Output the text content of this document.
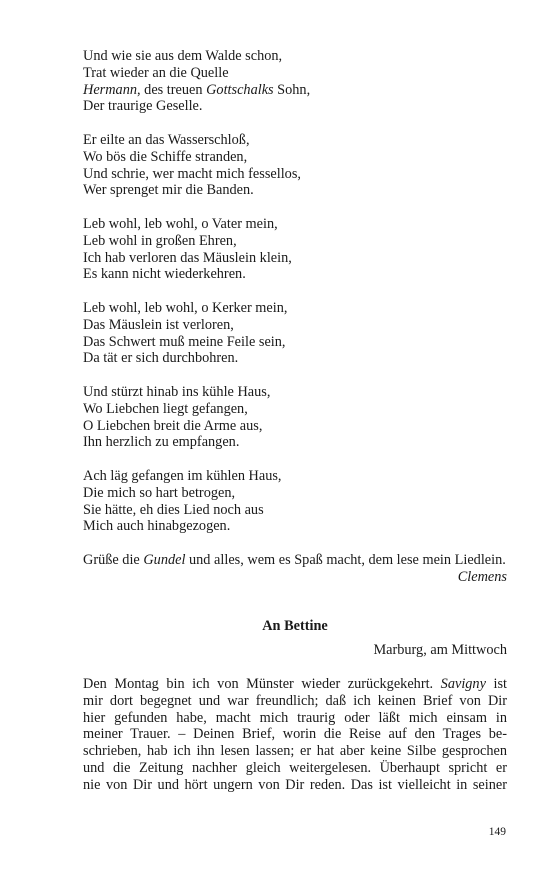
Und wie sie aus dem Walde schon,
Trat wieder an die Quelle
Hermann, des treuen Gottschalks Sohn,
Der traurige Geselle.
Er eilte an das Wasserschloß,
Wo bös die Schiffe stranden,
Und schrie, wer macht mich fessellos,
Wer sprenget mir die Banden.
Leb wohl, leb wohl, o Vater mein,
Leb wohl in großen Ehren,
Ich hab verloren das Mäuslein klein,
Es kann nicht wiederkehren.
Leb wohl, leb wohl, o Kerker mein,
Das Mäuslein ist verloren,
Das Schwert muß meine Feile sein,
Da tät er sich durchbohren.
Und stürzt hinab ins kühle Haus,
Wo Liebchen liegt gefangen,
O Liebchen breit die Arme aus,
Ihn herzlich zu empfangen.
Ach läg gefangen im kühlen Haus,
Die mich so hart betrogen,
Sie hätte, eh dies Lied noch aus
Mich auch hinabgezogen.

Grüße die Gundel und alles, wem es Spaß macht, dem lese mein Liedlein.

Clemens

An Bettine
Marburg, am Mittwoch
Den Montag bin ich von Münster wieder zurückgekehrt. Savigny ist
mir dort begegnet und war freundlich; daß ich keinen Brief von Dir
hier gefunden habe, macht mich traurig oder läßt mich einsam in
meiner Trauer. – Deinen Brief, worin die Reise auf den Trages be-
schrieben, hab ich ihn lesen lassen; er hat aber keine Silbe gesprochen
und die Zeitung nachher gleich weitergelesen. Überhaupt spricht er
nie von Dir und hört ungern von Dir reden. Das ist vielleicht in seiner
149
